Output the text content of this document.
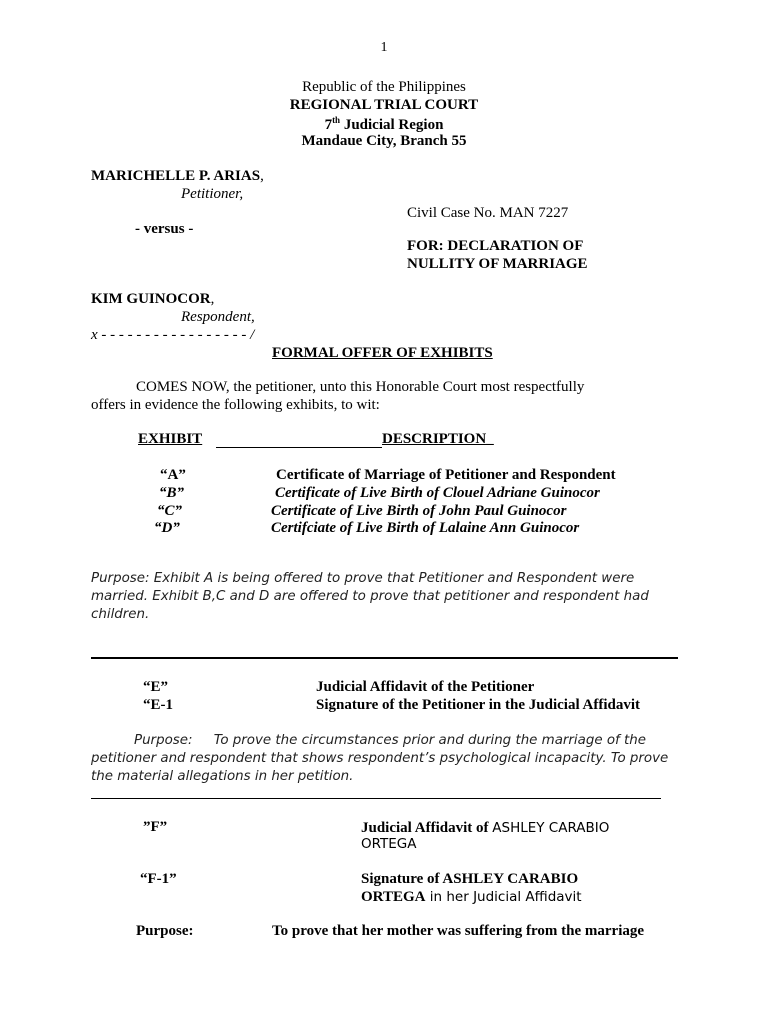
1
Republic of the Philippines
REGIONAL TRIAL COURT
7th Judicial Region
Mandaue City, Branch 55
MARICHELLE P. ARIAS,
Petitioner,
Civil Case No. MAN 7227
- versus -
FOR: DECLARATION OF
NULLITY OF MARRIAGE
KIM GUINOCOR,
Respondent,
x - - - - - - - - - - - - - - - - - /
FORMAL OFFER OF EXHIBITS
COMES NOW, the petitioner, unto this Honorable Court most respectfully
offers in evidence the following exhibits, to wit:
EXHIBIT	DESCRIPTION_
“A”	Certificate of Marriage of Petitioner and Respondent
“B”	Certificate of Live Birth of Clouel Adriane Guinocor
“C”	Certificate of Live Birth of John Paul Guinocor
“D”	Certifciate of Live Birth of Lalaine Ann Guinocor
Purpose: Exhibit A is being offered to prove that Petitioner and Respondent were married. Exhibit B,C and D are offered to prove that petitioner and respondent had children.
“E”	Judicial Affidavit of the Petitioner
“E-1	Signature of the Petitioner in the Judicial Affidavit
Purpose: To prove the circumstances prior and during the marriage of the petitioner and respondent that shows respondent’s psychological incapacity. To prove the material allegations in her petition.
”F”	Judicial Affidavit of ASHLEY CARABIO
ORTEGA
“F-1”	Signature of ASHLEY CARABIO
ORTEGA in her Judicial Affidavit
Purpose:	To prove that her mother was suffering from the marriage
